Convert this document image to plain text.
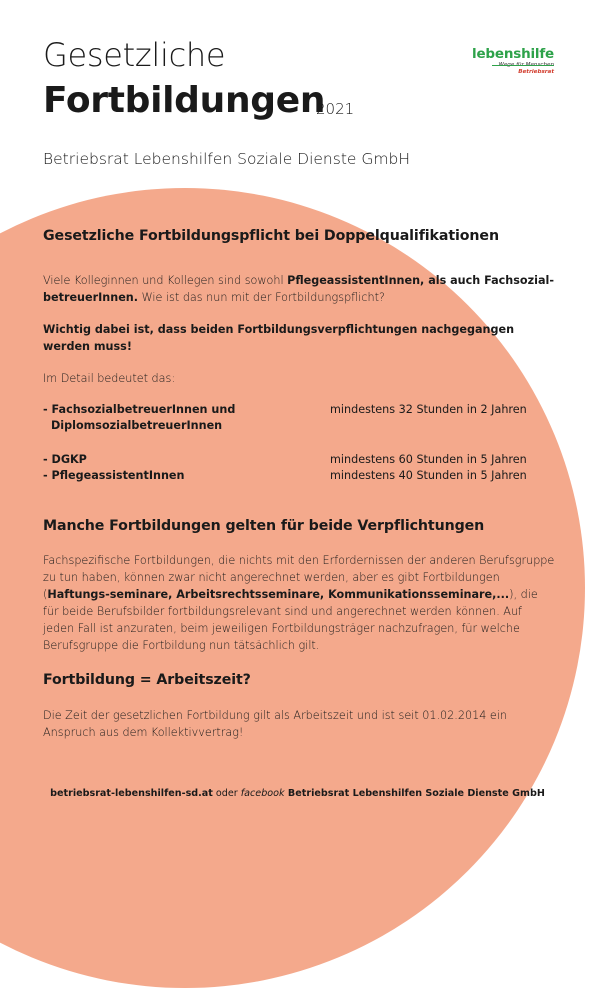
Gesetzliche
Fortbildungen
2021
Betriebsrat Lebenshilfen Soziale Dienste GmbH
lebenshilfe
Betriebsrat
Gesetzliche Fortbildungspflicht bei Doppelqualifikationen

Viele Kolleginnen und Kollegen sind sowohl PflegeassistentInnen, als auch Fachsozial-
betreuerInnen. Wie ist das nun mit der Fortbildungspflicht?

Wichtig dabei ist, dass beiden Fortbildungsverpflichtungen nachgegangen werden muss!

Im Detail bedeutet das:

- FachsozialbetreuerInnen und	mindestens 32 Stunden in 2 Jahren
DiplomsozialbetreuerInnen
- DGKP	mindestens 60 Stunden in 5 Jahren
- PflegeassistentInnen	mindestens 40 Stunden in 5 Jahren
Manche Fortbildungen gelten für beide Verpflichtungen

Fachspezifische Fortbildungen, die nichts mit den Erfordernissen der anderen Berufsgruppe zu tun haben, können zwar nicht angerechnet werden, aber es gibt Fortbildungen (Haftungs-seminare, Arbeitsrechtsseminare, Kommunikationsseminare,...), die für beide Berufsbilder fortbildungsrelevant sind und angerechnet werden können. Auf jeden Fall ist anzuraten, beim jeweiligen Fortbildungsträger nachzufragen, für welche Berufsgruppe die Fortbildung nun tätsächlich gilt.

Fortbildung = Arbeitszeit?

Die Zeit der gesetzlichen Fortbildung gilt als Arbeitszeit und ist seit 01.02.2014 ein Anspruch aus dem Kollektivvertrag!

betriebsrat-lebenshilfen-sd.at oder facebook Betriebsrat Lebenshilfen Soziale Dienste GmbH
